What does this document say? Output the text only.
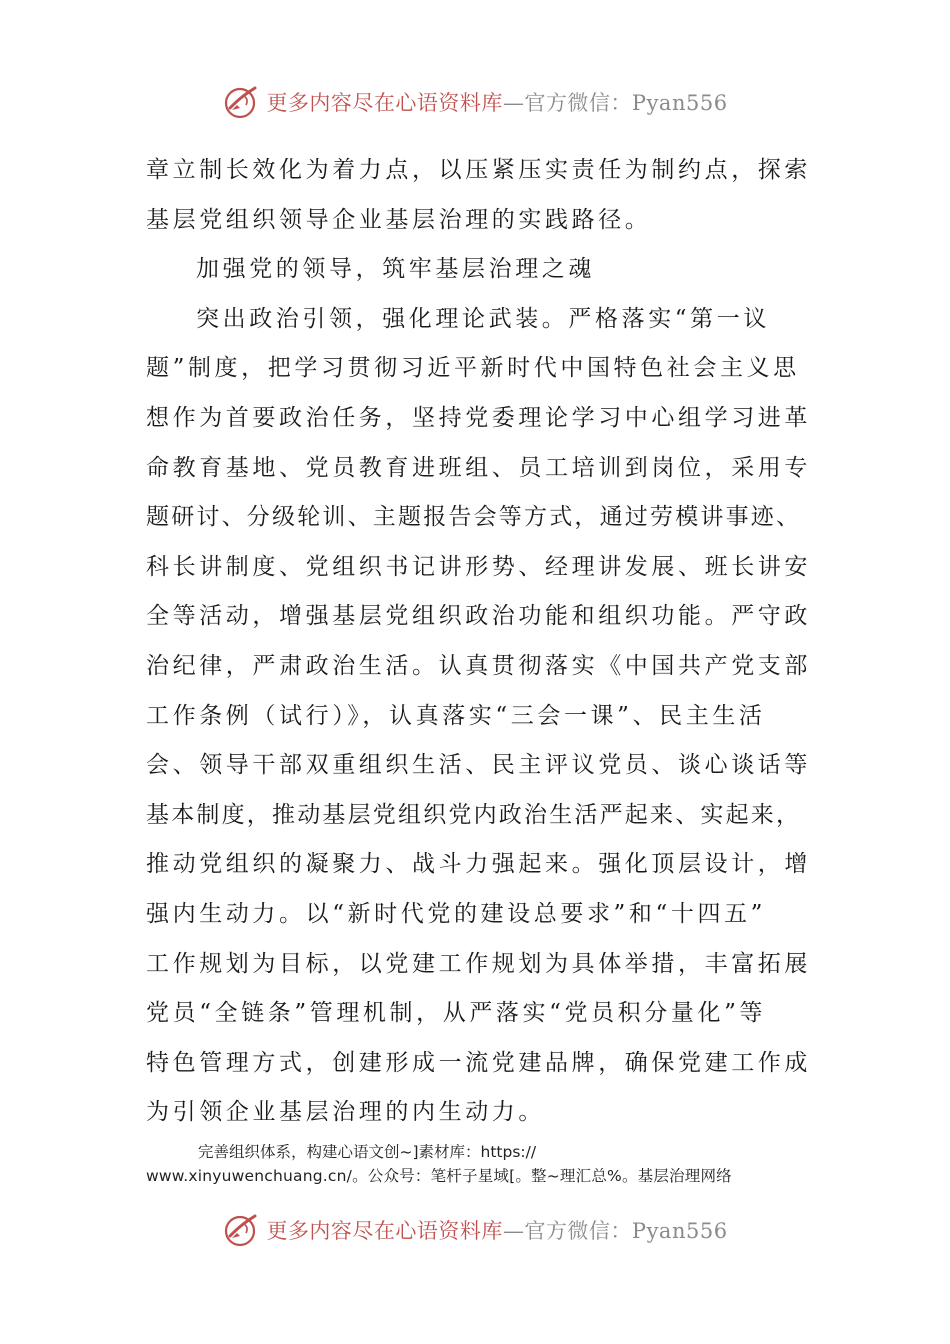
更多内容尽在心语资料库—官方微信：Pyan556
章立制长效化为着力点，以压紧压实责任为制约点，探索
基层党组织领导企业基层治理的实践路径。
加强党的领导，筑牢基层治理之魂
突出政治引领，强化理论武装。严格落实“第一议
题”制度，把学习贯彻习近平新时代中国特色社会主义思
想作为首要政治任务，坚持党委理论学习中心组学习进革
命教育基地、党员教育进班组、员工培训到岗位，采用专
题研讨、分级轮训、主题报告会等方式，通过劳模讲事迹、
科长讲制度、党组织书记讲形势、经理讲发展、班长讲安
全等活动，增强基层党组织政治功能和组织功能。严守政
治纪律，严肃政治生活。认真贯彻落实《中国共产党支部
工作条例（试行）》，认真落实“三会一课”、民主生活
会、领导干部双重组织生活、民主评议党员、谈心谈话等
基本制度，推动基层党组织党内政治生活严起来、实起来，
推动党组织的凝聚力、战斗力强起来。强化顶层设计，增
强内生动力。以“新时代党的建设总要求”和“十四五”
工作规划为目标，以党建工作规划为具体举措，丰富拓展
党员“全链条”管理机制，从严落实“党员积分量化”等
特色管理方式，创建形成一流党建品牌，确保党建工作成
为引领企业基层治理的内生动力。
完善组织体系，构建心语文创~]素材库：https://
www.xinyuwenchuang.cn/。公众号：笔杆子星域[。整~理汇总%。基层治理网络
更多内容尽在心语资料库—官方微信：Pyan556
